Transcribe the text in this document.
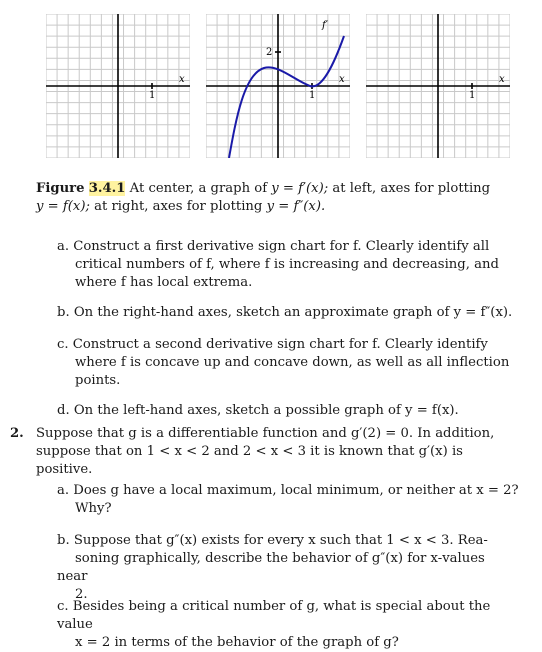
1
x
2
1
x
f′
1
x

Figure 3.4.1 At center, a graph of y = f′(x); at left, axes for plotting
y = f(x); at right, axes for plotting y = f″(x).

a. Construct a first derivative sign chart for f. Clearly identify all
critical numbers of f, where f is increasing and decreasing, and
where f has local extrema.
b. On the right-hand axes, sketch an approximate graph of y = f″(x).
c. Construct a second derivative sign chart for f. Clearly identify
where f is concave up and concave down, as well as all inflection
points.
d. On the left-hand axes, sketch a possible graph of y = f(x).
2. Suppose that g is a differentiable function and g′(2) = 0. In addition,
suppose that on 1 < x < 2 and 2 < x < 3 it is known that g′(x) is
positive.
a. Does g have a local maximum, local minimum, or neither at x = 2?
Why?
b. Suppose that g″(x) exists for every x such that 1 < x < 3. Rea-
soning graphically, describe the behavior of g″(x) for x-values near
2.
c. Besides being a critical number of g, what is special about the value
x = 2 in terms of the behavior of the graph of g?
